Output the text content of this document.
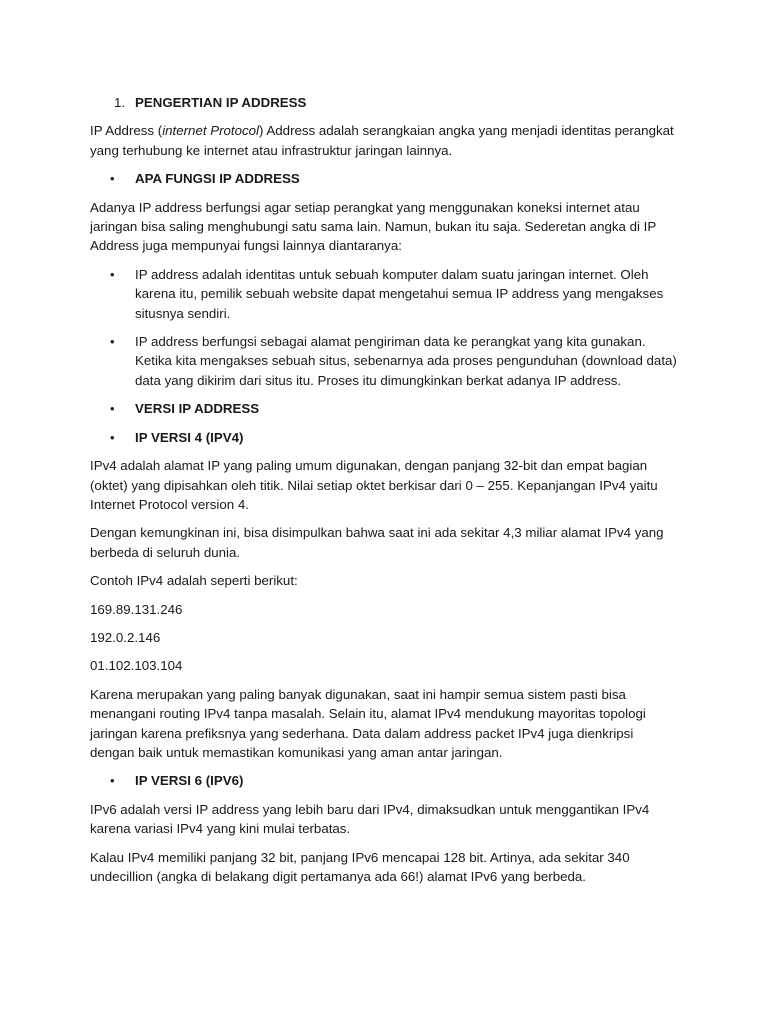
1. PENGERTIAN IP ADDRESS

IP Address (internet Protocol) Address adalah serangkaian angka yang menjadi identitas perangkat yang terhubung ke internet atau infrastruktur jaringan lainnya.

•	APA FUNGSI IP ADDRESS

Adanya IP address berfungsi agar setiap perangkat yang menggunakan koneksi internet atau jaringan bisa saling menghubungi satu sama lain. Namun, bukan itu saja. Sederetan angka di IP Address juga mempunyai fungsi lainnya diantaranya:

•	IP address adalah identitas untuk sebuah komputer dalam suatu jaringan internet. Oleh karena itu, pemilik sebuah website dapat mengetahui semua IP address yang mengakses situsnya sendiri.
•	IP address berfungsi sebagai alamat pengiriman data ke perangkat yang kita gunakan. Ketika kita mengakses sebuah situs, sebenarnya ada proses pengunduhan (download data) data yang dikirim dari situs itu. Proses itu dimungkinkan berkat adanya IP address.
•	VERSI IP ADDRESS
•	IP VERSI 4 (IPV4)

IPv4 adalah alamat IP yang paling umum digunakan, dengan panjang 32-bit dan empat bagian (oktet) yang dipisahkan oleh titik. Nilai setiap oktet berkisar dari 0 – 255. Kepanjangan IPv4 yaitu Internet Protocol version 4.

Dengan kemungkinan ini, bisa disimpulkan bahwa saat ini ada sekitar 4,3 miliar alamat IPv4 yang berbeda di seluruh dunia.

Contoh IPv4 adalah seperti berikut:

169.89.131.246

192.0.2.146

01.102.103.104

Karena merupakan yang paling banyak digunakan, saat ini hampir semua sistem pasti bisa menangani routing IPv4 tanpa masalah. Selain itu, alamat IPv4 mendukung mayoritas topologi jaringan karena prefiksnya yang sederhana. Data dalam address packet IPv4 juga dienkripsi dengan baik untuk memastikan komunikasi yang aman antar jaringan.

•	IP VERSI 6 (IPV6)

IPv6 adalah versi IP address yang lebih baru dari IPv4, dimaksudkan untuk menggantikan IPv4 karena variasi IPv4 yang kini mulai terbatas.

Kalau IPv4 memiliki panjang 32 bit, panjang IPv6 mencapai 128 bit. Artinya, ada sekitar 340 undecillion (angka di belakang digit pertamanya ada 66!) alamat IPv6 yang berbeda.
